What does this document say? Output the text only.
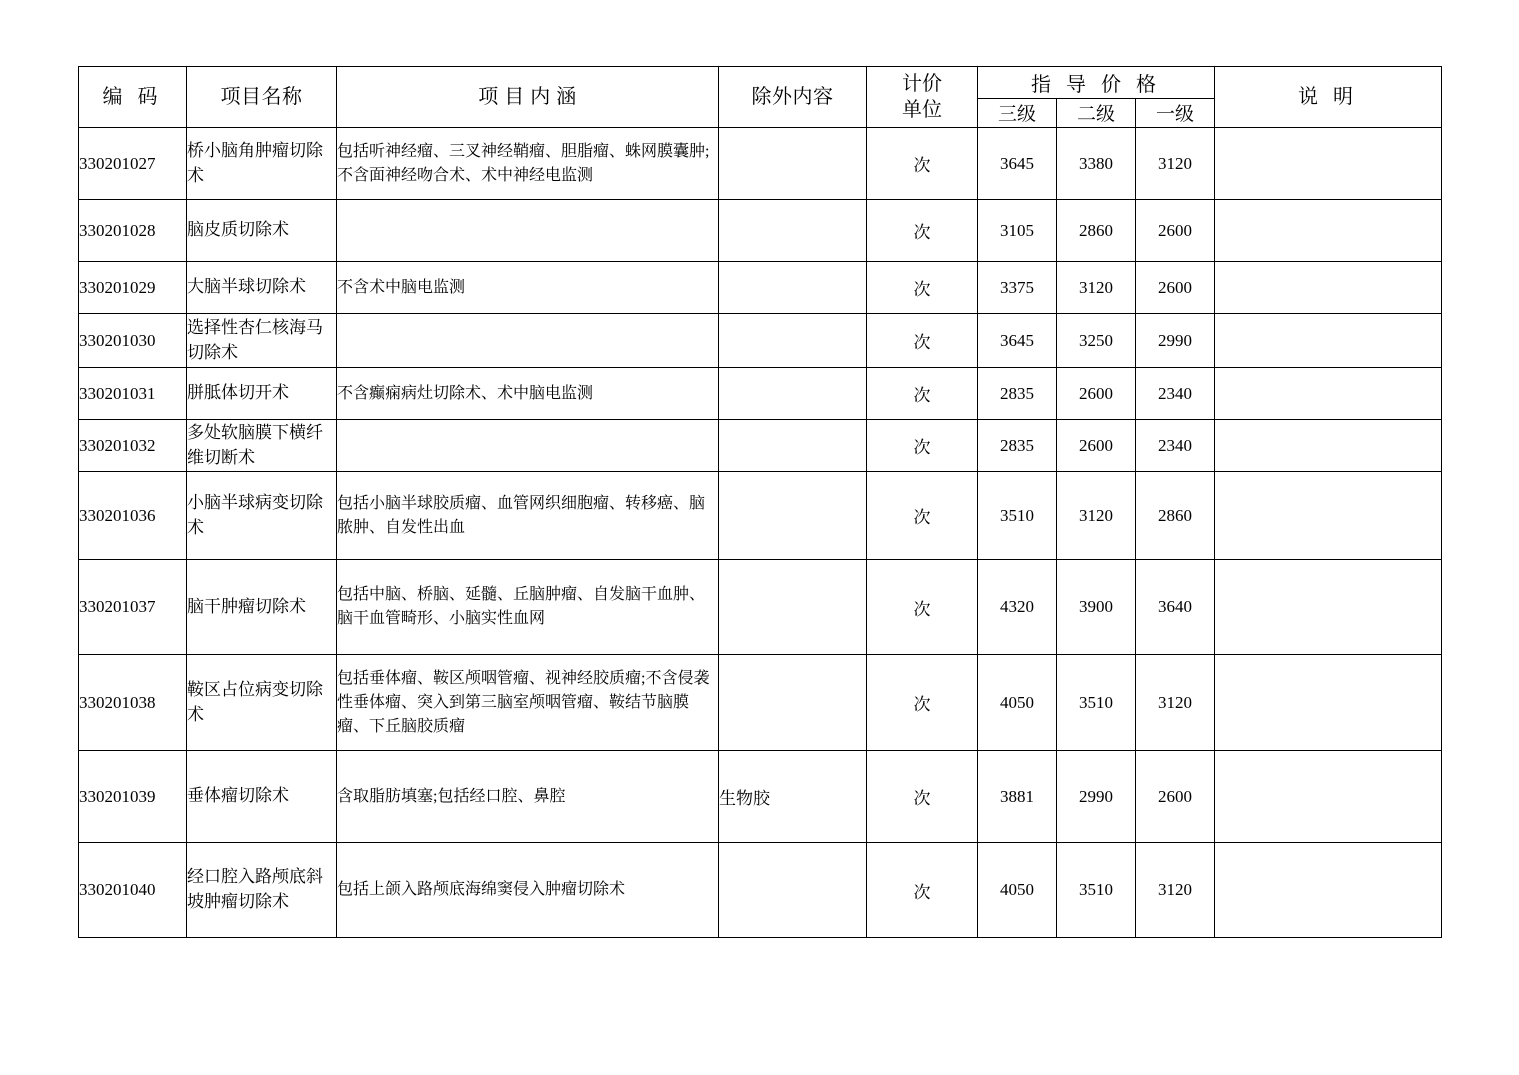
编 码	项目名称	项 目 内 涵	除外内容	计价
单位	指 导 价 格			说 明
					三级	二级	一级	
330201027	桥小脑角肿瘤切除术	包括听神经瘤、三叉神经鞘瘤、胆脂瘤、蛛网膜囊肿;不含面神经吻合术、术中神经电监测		次	3645	3380	3120	
330201028	脑皮质切除术			次	3105	2860	2600	
330201029	大脑半球切除术	不含术中脑电监测		次	3375	3120	2600	
330201030	选择性杏仁核海马切除术			次	3645	3250	2990	
330201031	胼胝体切开术	不含癫痫病灶切除术、术中脑电监测		次	2835	2600	2340	
330201032	多处软脑膜下横纤维切断术			次	2835	2600	2340	
330201036	小脑半球病变切除术	包括小脑半球胶质瘤、血管网织细胞瘤、转移癌、脑脓肿、自发性出血		次	3510	3120	2860	
330201037	脑干肿瘤切除术	包括中脑、桥脑、延髓、丘脑肿瘤、自发脑干血肿、脑干血管畸形、小脑实性血网		次	4320	3900	3640	
330201038	鞍区占位病变切除术	包括垂体瘤、鞍区颅咽管瘤、视神经胶质瘤;不含侵袭性垂体瘤、突入到第三脑室颅咽管瘤、鞍结节脑膜瘤、下丘脑胶质瘤		次	4050	3510	3120	
330201039	垂体瘤切除术	含取脂肪填塞;包括经口腔、鼻腔	生物胶	次	3881	2990	2600	
330201040	经口腔入路颅底斜坡肿瘤切除术	包括上颌入路颅底海绵窦侵入肿瘤切除术		次	4050	3510	3120	
